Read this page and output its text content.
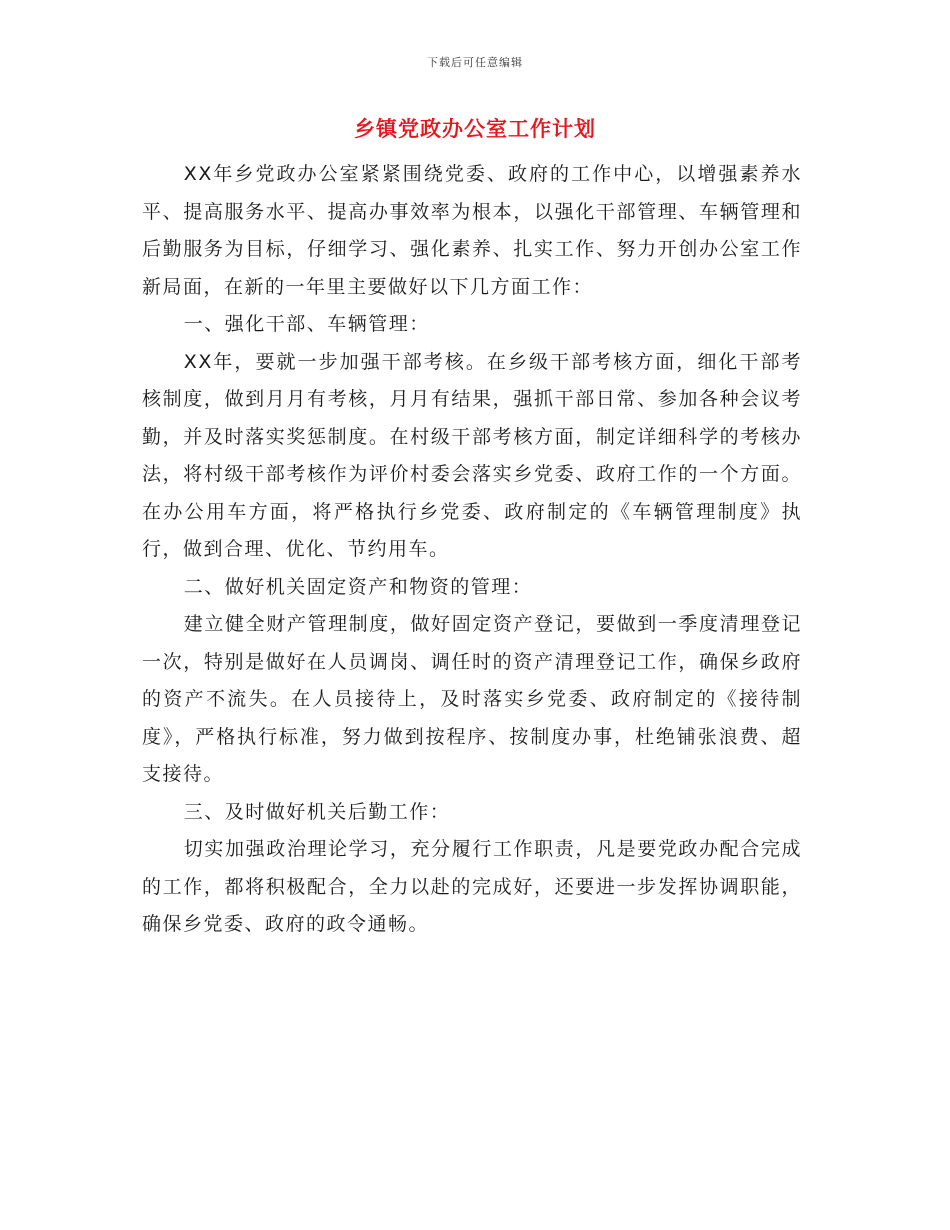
下载后可任意编辑
乡镇党政办公室工作计划

XX年乡党政办公室紧紧围绕党委、政府的工作中心，以增强素养水平、提高服务水平、提高办事效率为根本，以强化干部管理、车辆管理和后勤服务为目标，仔细学习、强化素养、扎实工作、努力开创办公室工作新局面，在新的一年里主要做好以下几方面工作：

一、强化干部、车辆管理：

XX年，要就一步加强干部考核。在乡级干部考核方面，细化干部考核制度，做到月月有考核，月月有结果，强抓干部日常、参加各种会议考勤，并及时落实奖惩制度。在村级干部考核方面，制定详细科学的考核办法，将村级干部考核作为评价村委会落实乡党委、政府工作的一个方面。在办公用车方面，将严格执行乡党委、政府制定的《车辆管理制度》执行，做到合理、优化、节约用车。

二、做好机关固定资产和物资的管理：

建立健全财产管理制度，做好固定资产登记，要做到一季度清理登记一次，特别是做好在人员调岗、调任时的资产清理登记工作，确保乡政府的资产不流失。在人员接待上，及时落实乡党委、政府制定的《接待制度》，严格执行标准，努力做到按程序、按制度办事，杜绝铺张浪费、超支接待。

三、及时做好机关后勤工作：

切实加强政治理论学习，充分履行工作职责，凡是要党政办配合完成的工作，都将积极配合，全力以赴的完成好，还要进一步发挥协调职能，确保乡党委、政府的政令通畅。
